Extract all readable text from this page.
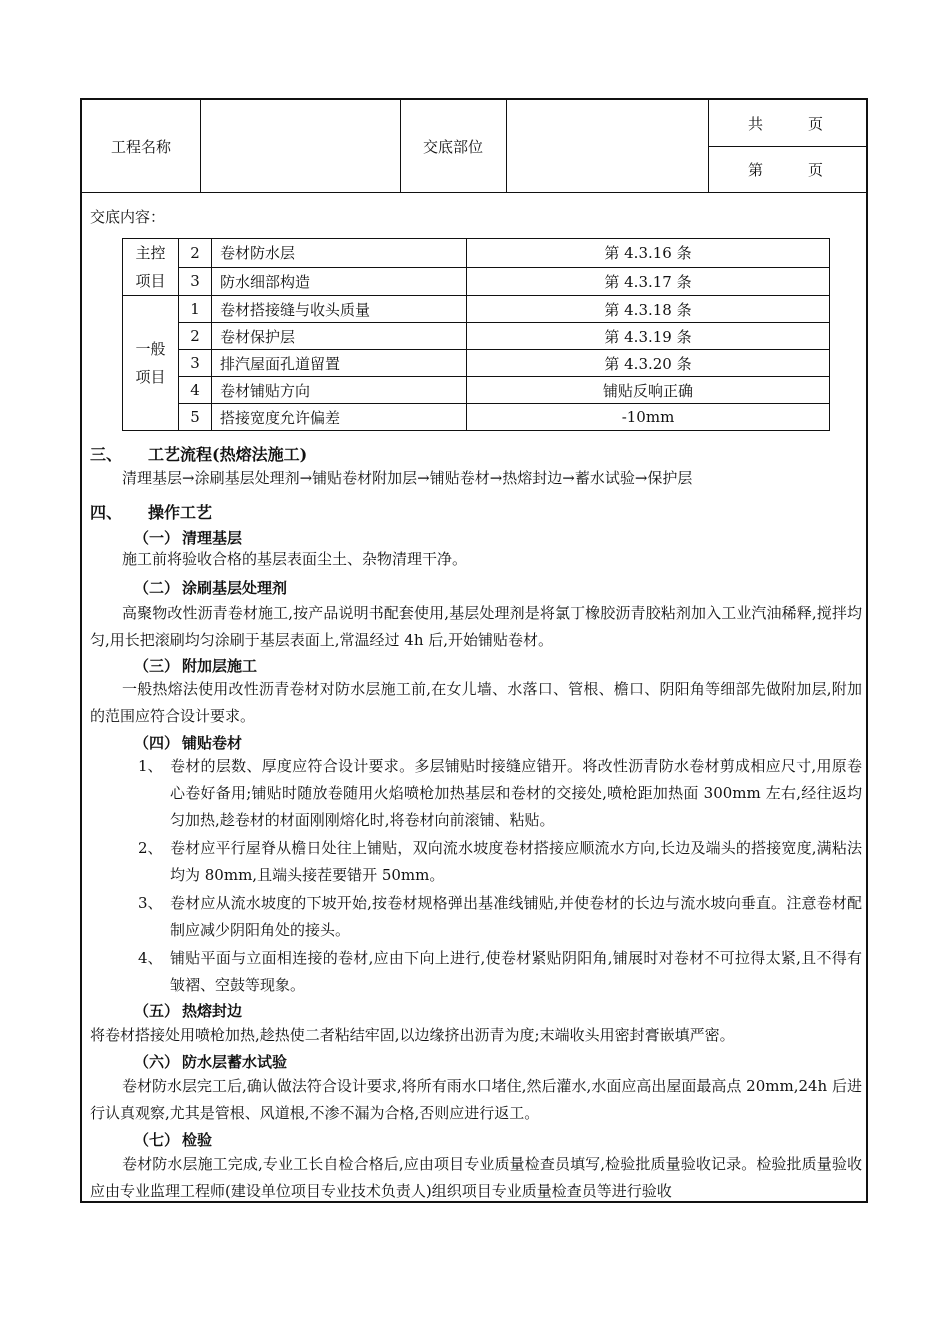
工程名称	交底部位
共　　　页
第　　　页
交底内容：
主控
项目	2	卷材防水层	第 4.3.16 条
	3	防水细部构造	第 4.3.17 条
一般
项目	1	卷材搭接缝与收头质量	第 4.3.18 条
	2	卷材保护层	第 4.3.19 条
	3	排汽屋面孔道留置	第 4.3.20 条
	4	卷材铺贴方向	铺贴反响正确
	5	搭接宽度允许偏差	-10mm
三、 工艺流程(热熔法施工)
清理基层→涂刷基层处理剂→铺贴卷材附加层→铺贴卷材→热熔封边→蓄水试验→保护层
四、 操作工艺
（一） 清理基层
施工前将验收合格的基层表面尘土、杂物清理干净。
（二） 涂刷基层处理剂
高聚物改性沥青卷材施工,按产品说明书配套使用,基层处理剂是将氯丁橡胶沥青胶粘剂加入工业汽油稀释,搅拌均匀,用长把滚刷均匀涂刷于基层表面上,常温经过 4h 后,开始铺贴卷材。
（三） 附加层施工
一般热熔法使用改性沥青卷材对防水层施工前,在女儿墙、水落口、管根、檐口、阴阳角等细部先做附加层,附加的范围应符合设计要求。
（四） 铺贴卷材
1、 卷材的层数、厚度应符合设计要求。多层铺贴时接缝应错开。将改性沥青防水卷材剪成相应尺寸,用原卷心卷好备用;铺贴时随放卷随用火焰喷枪加热基层和卷材的交接处,喷枪距加热面 300mm 左右,经往返均匀加热,趁卷材的材面刚刚熔化时,将卷材向前滚铺、粘贴。
2、 卷材应平行屋脊从檐日处往上铺贴，双向流水坡度卷材搭接应顺流水方向,长边及端头的搭接宽度,满粘法均为 80mm,且端头接茬要错开 50mm。
3、 卷材应从流水坡度的下坡开始,按卷材规格弹出基准线铺贴,并使卷材的长边与流水坡向垂直。注意卷材配制应减少阴阳角处的接头。
4、 铺贴平面与立面相连接的卷材,应由下向上进行,使卷材紧贴阴阳角,铺展时对卷材不可拉得太紧,且不得有皱褶、空鼓等现象。
（五） 热熔封边
将卷材搭接处用喷枪加热,趁热使二者粘结牢固,以边缘挤出沥青为度;末端收头用密封膏嵌填严密。
（六） 防水层蓄水试验
卷材防水层完工后,确认做法符合设计要求,将所有雨水口堵住,然后灌水,水面应高出屋面最高点 20mm,24h 后进行认真观察,尤其是管根、风道根,不渗不漏为合格,否则应进行返工。
（七） 检验
卷材防水层施工完成,专业工长自检合格后,应由项目专业质量检查员填写,检验批质量验收记录。检验批质量验收应由专业监理工程师(建设单位项目专业技术负责人)组织项目专业质量检查员等进行验收
